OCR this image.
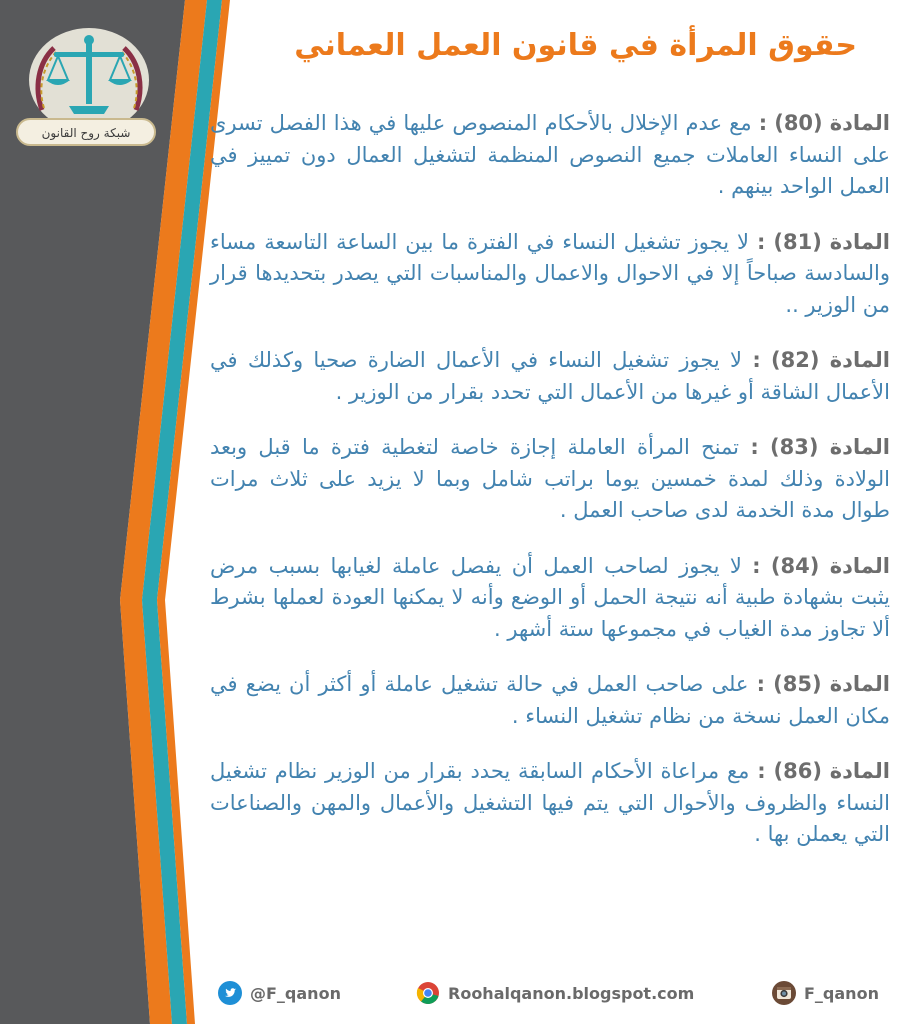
شبكة روح القانون
حقوق المرأة في قانون العمل العماني

المادة (80) : مع عدم الإخلال بالأحكام المنصوص عليها في هذا الفصل تسرى على النساء العاملات جميع النصوص المنظمة لتشغيل العمال دون تمييز في العمل الواحد بينهم .

المادة (81) : لا يجوز تشغيل النساء في الفترة ما بين الساعة التاسعة مساء والسادسة صباحاً إلا في الاحوال والاعمال والمناسبات التي يصدر بتحديدها قرار من الوزير ..

المادة (82) : لا يجوز تشغيل النساء في الأعمال الضارة صحيا وكذلك في الأعمال الشاقة أو غيرها من الأعمال التي تحدد بقرار من الوزير .

المادة (83) : تمنح المرأة العاملة إجازة خاصة لتغطية فترة ما قبل وبعد الولادة وذلك لمدة خمسين يوما براتب شامل وبما لا يزيد على ثلاث مرات طوال مدة الخدمة لدى صاحب العمل .

المادة (84) : لا يجوز لصاحب العمل أن يفصل عاملة لغيابها بسبب مرض يثبت بشهادة طبية أنه نتيجة الحمل أو الوضع وأنه لا يمكنها العودة لعملها بشرط ألا تجاوز مدة الغياب في مجموعها ستة أشهر .

المادة (85) : على صاحب العمل في حالة تشغيل عاملة أو أكثر أن يضع في مكان العمل نسخة من نظام تشغيل النساء .

المادة (86) : مع مراعاة الأحكام السابقة يحدد بقرار من الوزير نظام تشغيل النساء والظروف والأحوال التي يتم فيها التشغيل والأعمال والمهن والصناعات التي يعملن بها .

@F_qanon	Roohalqanon.blogspot.com	F_qanon
